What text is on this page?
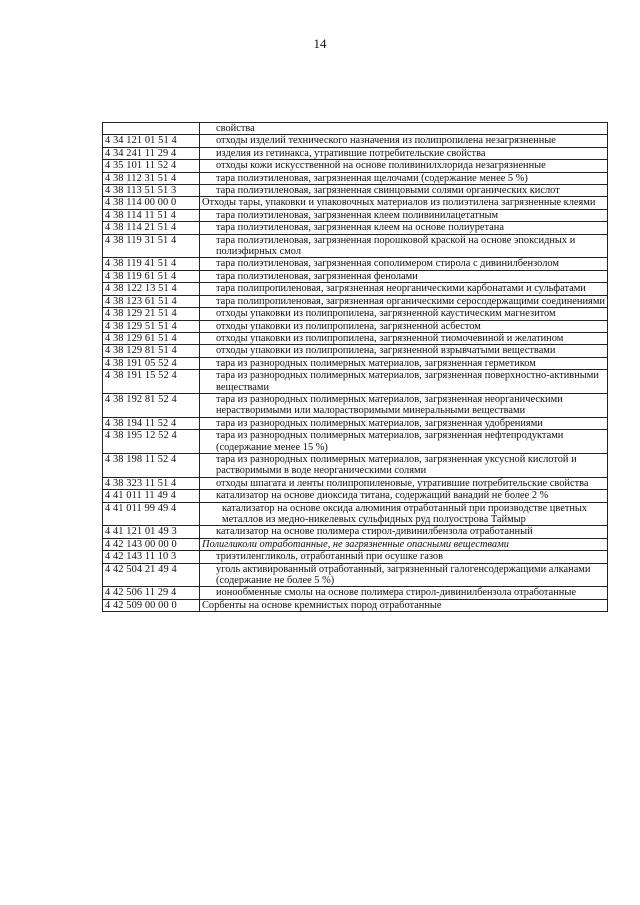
14
	свойства
4 34 121 01 51 4	отходы изделий технического назначения из полипропилена незагрязненные
4 34 241 11 29 4	изделия из гетинакса, утратившие потребительские свойства
4 35 101 11 52 4	отходы кожи искусственной на основе поливинилхлорида незагрязненные
4 38 112 31 51 4	тара полиэтиленовая, загрязненная щелочами (содержание менее 5 %)
4 38 113 51 51 3	тара полиэтиленовая, загрязненная свинцовыми солями органических кислот
4 38 114 00 00 0	Отходы тары, упаковки и упаковочных материалов из полиэтилена загрязненные клеями
4 38 114 11 51 4	тара полиэтиленовая, загрязненная клеем поливинилацетатным
4 38 114 21 51 4	тара полиэтиленовая, загрязненная клеем на основе полиуретана
4 38 119 31 51 4	тара полиэтиленовая, загрязненная порошковой краской на основе эпоксидных и полиэфирных смол
4 38 119 41 51 4	тара полиэтиленовая, загрязненная сополимером стирола с дивинилбензолом
4 38 119 61 51 4	тара полиэтиленовая, загрязненная фенолами
4 38 122 13 51 4	тара полипропиленовая, загрязненная неорганическими карбонатами и сульфатами
4 38 123 61 51 4	тара полипропиленовая, загрязненная органическими серосодержащими соединениями
4 38 129 21 51 4	отходы упаковки из полипропилена, загрязненной каустическим магнезитом
4 38 129 51 51 4	отходы упаковки из полипропилена, загрязненной асбестом
4 38 129 61 51 4	отходы упаковки из полипропилена, загрязненной тиомочевиной и желатином
4 38 129 81 51 4	отходы упаковки из полипропилена, загрязненной взрывчатыми веществами
4 38 191 05 52 4	тара из разнородных полимерных материалов, загрязненная герметиком
4 38 191 15 52 4	тара из разнородных полимерных материалов, загрязненная поверхностно-активными веществами
4 38 192 81 52 4	тара из разнородных полимерных материалов, загрязненная неорганическими нерастворимыми или малорастворимыми минеральными веществами
4 38 194 11 52 4	тара из разнородных полимерных материалов, загрязненная удобрениями
4 38 195 12 52 4	тара из разнородных полимерных материалов, загрязненная нефтепродуктами (содержание менее 15 %)
4 38 198 11 52 4	тара из разнородных полимерных материалов, загрязненная уксусной кислотой и растворимыми в воде неорганическими солями
4 38 323 11 51 4	отходы шпагата и ленты полипропиленовые, утратившие потребительские свойства
4 41 011 11 49 4	катализатор на основе диоксида титана, содержащий ванадий не более 2 %
4 41 011 99 49 4	катализатор на основе оксида алюминия отработанный при производстве цветных металлов из медно-никелевых сульфидных руд полуострова Таймыр
4 41 121 01 49 3	катализатор на основе полимера стирол-дивинилбензола отработанный
4 42 143 00 00 0	Полигликоли отработанные, не загрязненные опасными веществами
4 42 143 11 10 3	триэтиленгликоль, отработанный при осушке газов
4 42 504 21 49 4	уголь активированный отработанный, загрязненный галогенсодержащими алканами (содержание не более 5 %)
4 42 506 11 29 4	ионообменные смолы на основе полимера стирол-дивинилбензола отработанные
4 42 509 00 00 0	Сорбенты на основе кремнистых пород отработанные
